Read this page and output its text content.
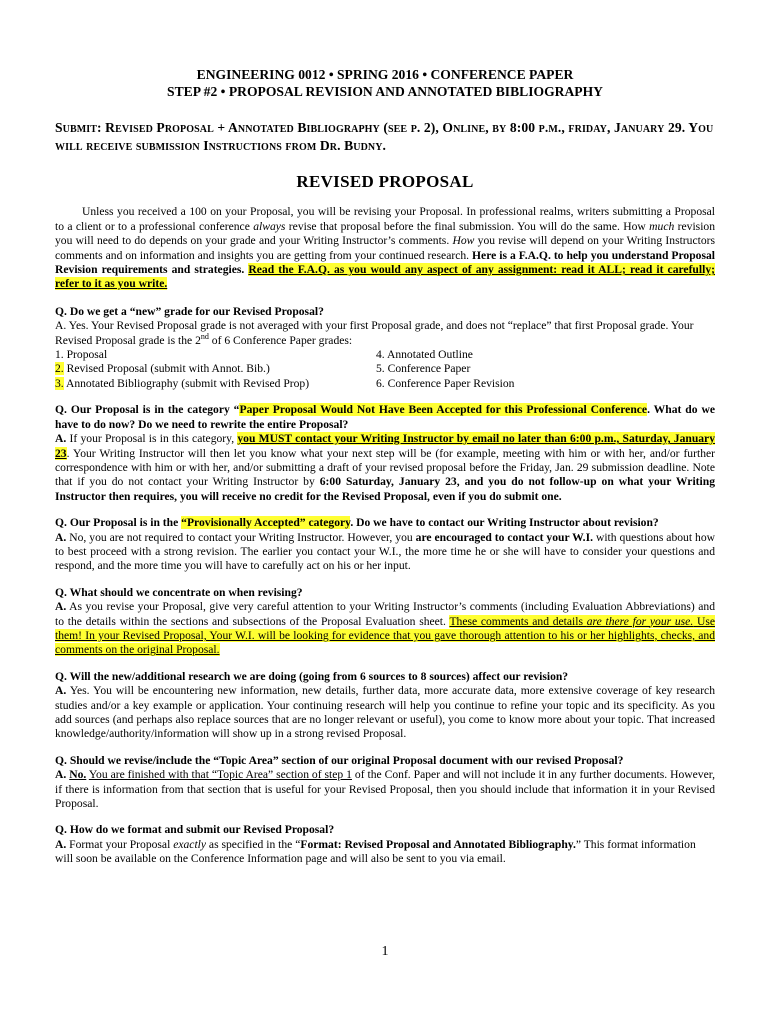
ENGINEERING 0012 • SPRING 2016 • CONFERENCE PAPER
STEP #2 • PROPOSAL REVISION AND ANNOTATED BIBLIOGRAPHY
Submit: Revised Proposal + Annotated Bibliography (see p. 2), Online, by 8:00 p.m., friday, January 29. You will receive submission Instructions from Dr. Budny.
REVISED PROPOSAL

Unless you received a 100 on your Proposal, you will be revising your Proposal. In professional realms, writers submitting a Proposal to a client or to a professional conference always revise that proposal before the final submission. You will do the same. How much revision you will need to do depends on your grade and your Writing Instructor’s comments. How you revise will depend on your Writing Instructors comments and on information and insights you are getting from your continued research. Here is a F.A.Q. to help you understand Proposal Revision requirements and strategies. Read the F.A.Q. as you would any aspect of any assignment: read it ALL; read it carefully; refer to it as you write.

Q. Do we get a “new” grade for our Revised Proposal?

A. Yes. Your Revised Proposal grade is not averaged with your first Proposal grade, and does not “replace” that first Proposal grade. Your Revised Proposal grade is the 2nd of 6 Conference Paper grades:

1. Proposal	4. Annotated Outline
2. Revised Proposal (submit with Annot. Bib.)	5. Conference Paper
3. Annotated Bibliography (submit with Revised Prop)	6. Conference Paper Revision

Q. Our Proposal is in the category “Paper Proposal Would Not Have Been Accepted for this Professional Conference. What do we have to do now? Do we need to rewrite the entire Proposal?

A. If your Proposal is in this category, you MUST contact your Writing Instructor by email no later than 6:00 p.m., Saturday, January 23. Your Writing Instructor will then let you know what your next step will be (for example, meeting with him or with her, and/or further correspondence with him or with her, and/or submitting a draft of your revised proposal before the Friday, Jan. 29 submission deadline. Note that if you do not contact your Writing Instructor by 6:00 Saturday, January 23, and you do not follow-up on what your Writing Instructor then requires, you will receive no credit for the Revised Proposal, even if you do submit one.

Q. Our Proposal is in the “Provisionally Accepted” category. Do we have to contact our Writing Instructor about revision?

A. No, you are not required to contact your Writing Instructor. However, you are encouraged to contact your W.I. with questions about how to best proceed with a strong revision. The earlier you contact your W.I., the more time he or she will have to consider your questions and respond, and the more time you will have to carefully act on his or her input.

Q. What should we concentrate on when revising?

A. As you revise your Proposal, give very careful attention to your Writing Instructor’s comments (including Evaluation Abbreviations) and to the details within the sections and subsections of the Proposal Evaluation sheet. These comments and details are there for your use. Use them! In your Revised Proposal, Your W.I. will be looking for evidence that you gave thorough attention to his or her highlights, checks, and comments on the original Proposal.

Q. Will the new/additional research we are doing (going from 6 sources to 8 sources) affect our revision?

A. Yes. You will be encountering new information, new details, further data, more accurate data, more extensive coverage of key research studies and/or a key example or application. Your continuing research will help you continue to refine your topic and its specificity. As you add sources (and perhaps also replace sources that are no longer relevant or useful), you come to know more about your topic. That increased knowledge/authority/information will show up in a strong revised Proposal.

Q. Should we revise/include the “Topic Area” section of our original Proposal document with our revised Proposal?

A. No. You are finished with that “Topic Area” section of step 1 of the Conf. Paper and will not include it in any further documents. However, if there is information from that section that is useful for your Revised Proposal, then you should include that information it in your Revised Proposal.

Q. How do we format and submit our Revised Proposal?

A. Format your Proposal exactly as specified in the “Format: Revised Proposal and Annotated Bibliography.” This format information will soon be available on the Conference Information page and will also be sent to you via email.

1
